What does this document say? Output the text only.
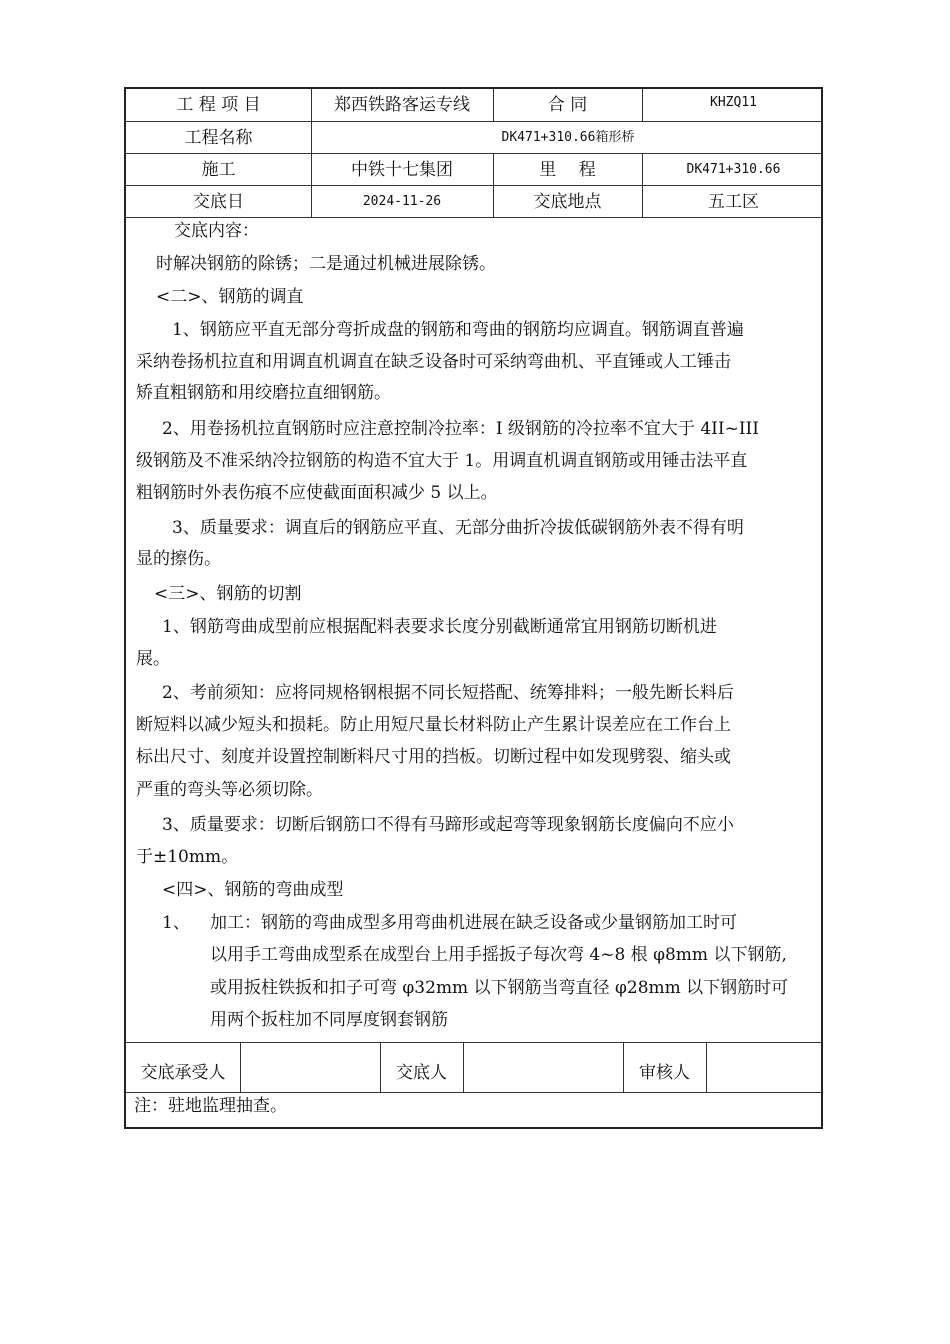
工 程 项 目	郑西铁路客运专线	合 同	KHZQ11
工程名称	DK471+310.66箱形桥
施工	中铁十七集团	里　 程	DK471+310.66
交底日	2024-11-26	交底地点	五工区
交底内容：
时解决钢筋的除锈；二是通过机械进展除锈。
<二>、钢筋的调直
1、钢筋应平直无部分弯折成盘的钢筋和弯曲的钢筋均应调直。钢筋调直普遍
采纳卷扬机拉直和用调直机调直在缺乏设备时可采纳弯曲机、平直锤或人工锤击
矫直粗钢筋和用绞磨拉直细钢筋。
2、用卷扬机拉直钢筋时应注意控制冷拉率：I 级钢筋的冷拉率不宜大于 4II~III
级钢筋及不准采纳冷拉钢筋的构造不宜大于 1。用调直机调直钢筋或用锤击法平直
粗钢筋时外表伤痕不应使截面面积减少 5 以上。
3、质量要求：调直后的钢筋应平直、无部分曲折冷拔低碳钢筋外表不得有明
显的擦伤。
<三>、钢筋的切割
1、钢筋弯曲成型前应根据配料表要求长度分别截断通常宜用钢筋切断机进
展。
2、考前须知：应将同规格钢根据不同长短搭配、统筹排料；一般先断长料后
断短料以减少短头和损耗。防止用短尺量长材料防止产生累计误差应在工作台上
标出尺寸、刻度并设置控制断料尺寸用的挡板。切断过程中如发现劈裂、缩头或
严重的弯头等必须切除。
3、质量要求：切断后钢筋口不得有马蹄形或起弯等现象钢筋长度偏向不应小
于±10mm。
<四>、钢筋的弯曲成型
1、 加工：钢筋的弯曲成型多用弯曲机进展在缺乏设备或少量钢筋加工时可
以用手工弯曲成型系在成型台上用手摇扳子每次弯 4~8 根 φ8mm 以下钢筋,
或用扳柱铁扳和扣子可弯 φ32mm 以下钢筋当弯直径 φ28mm 以下钢筋时可
用两个扳柱加不同厚度钢套钢筋
交底承受人	交底人	审核人
注：驻地监理抽查。
